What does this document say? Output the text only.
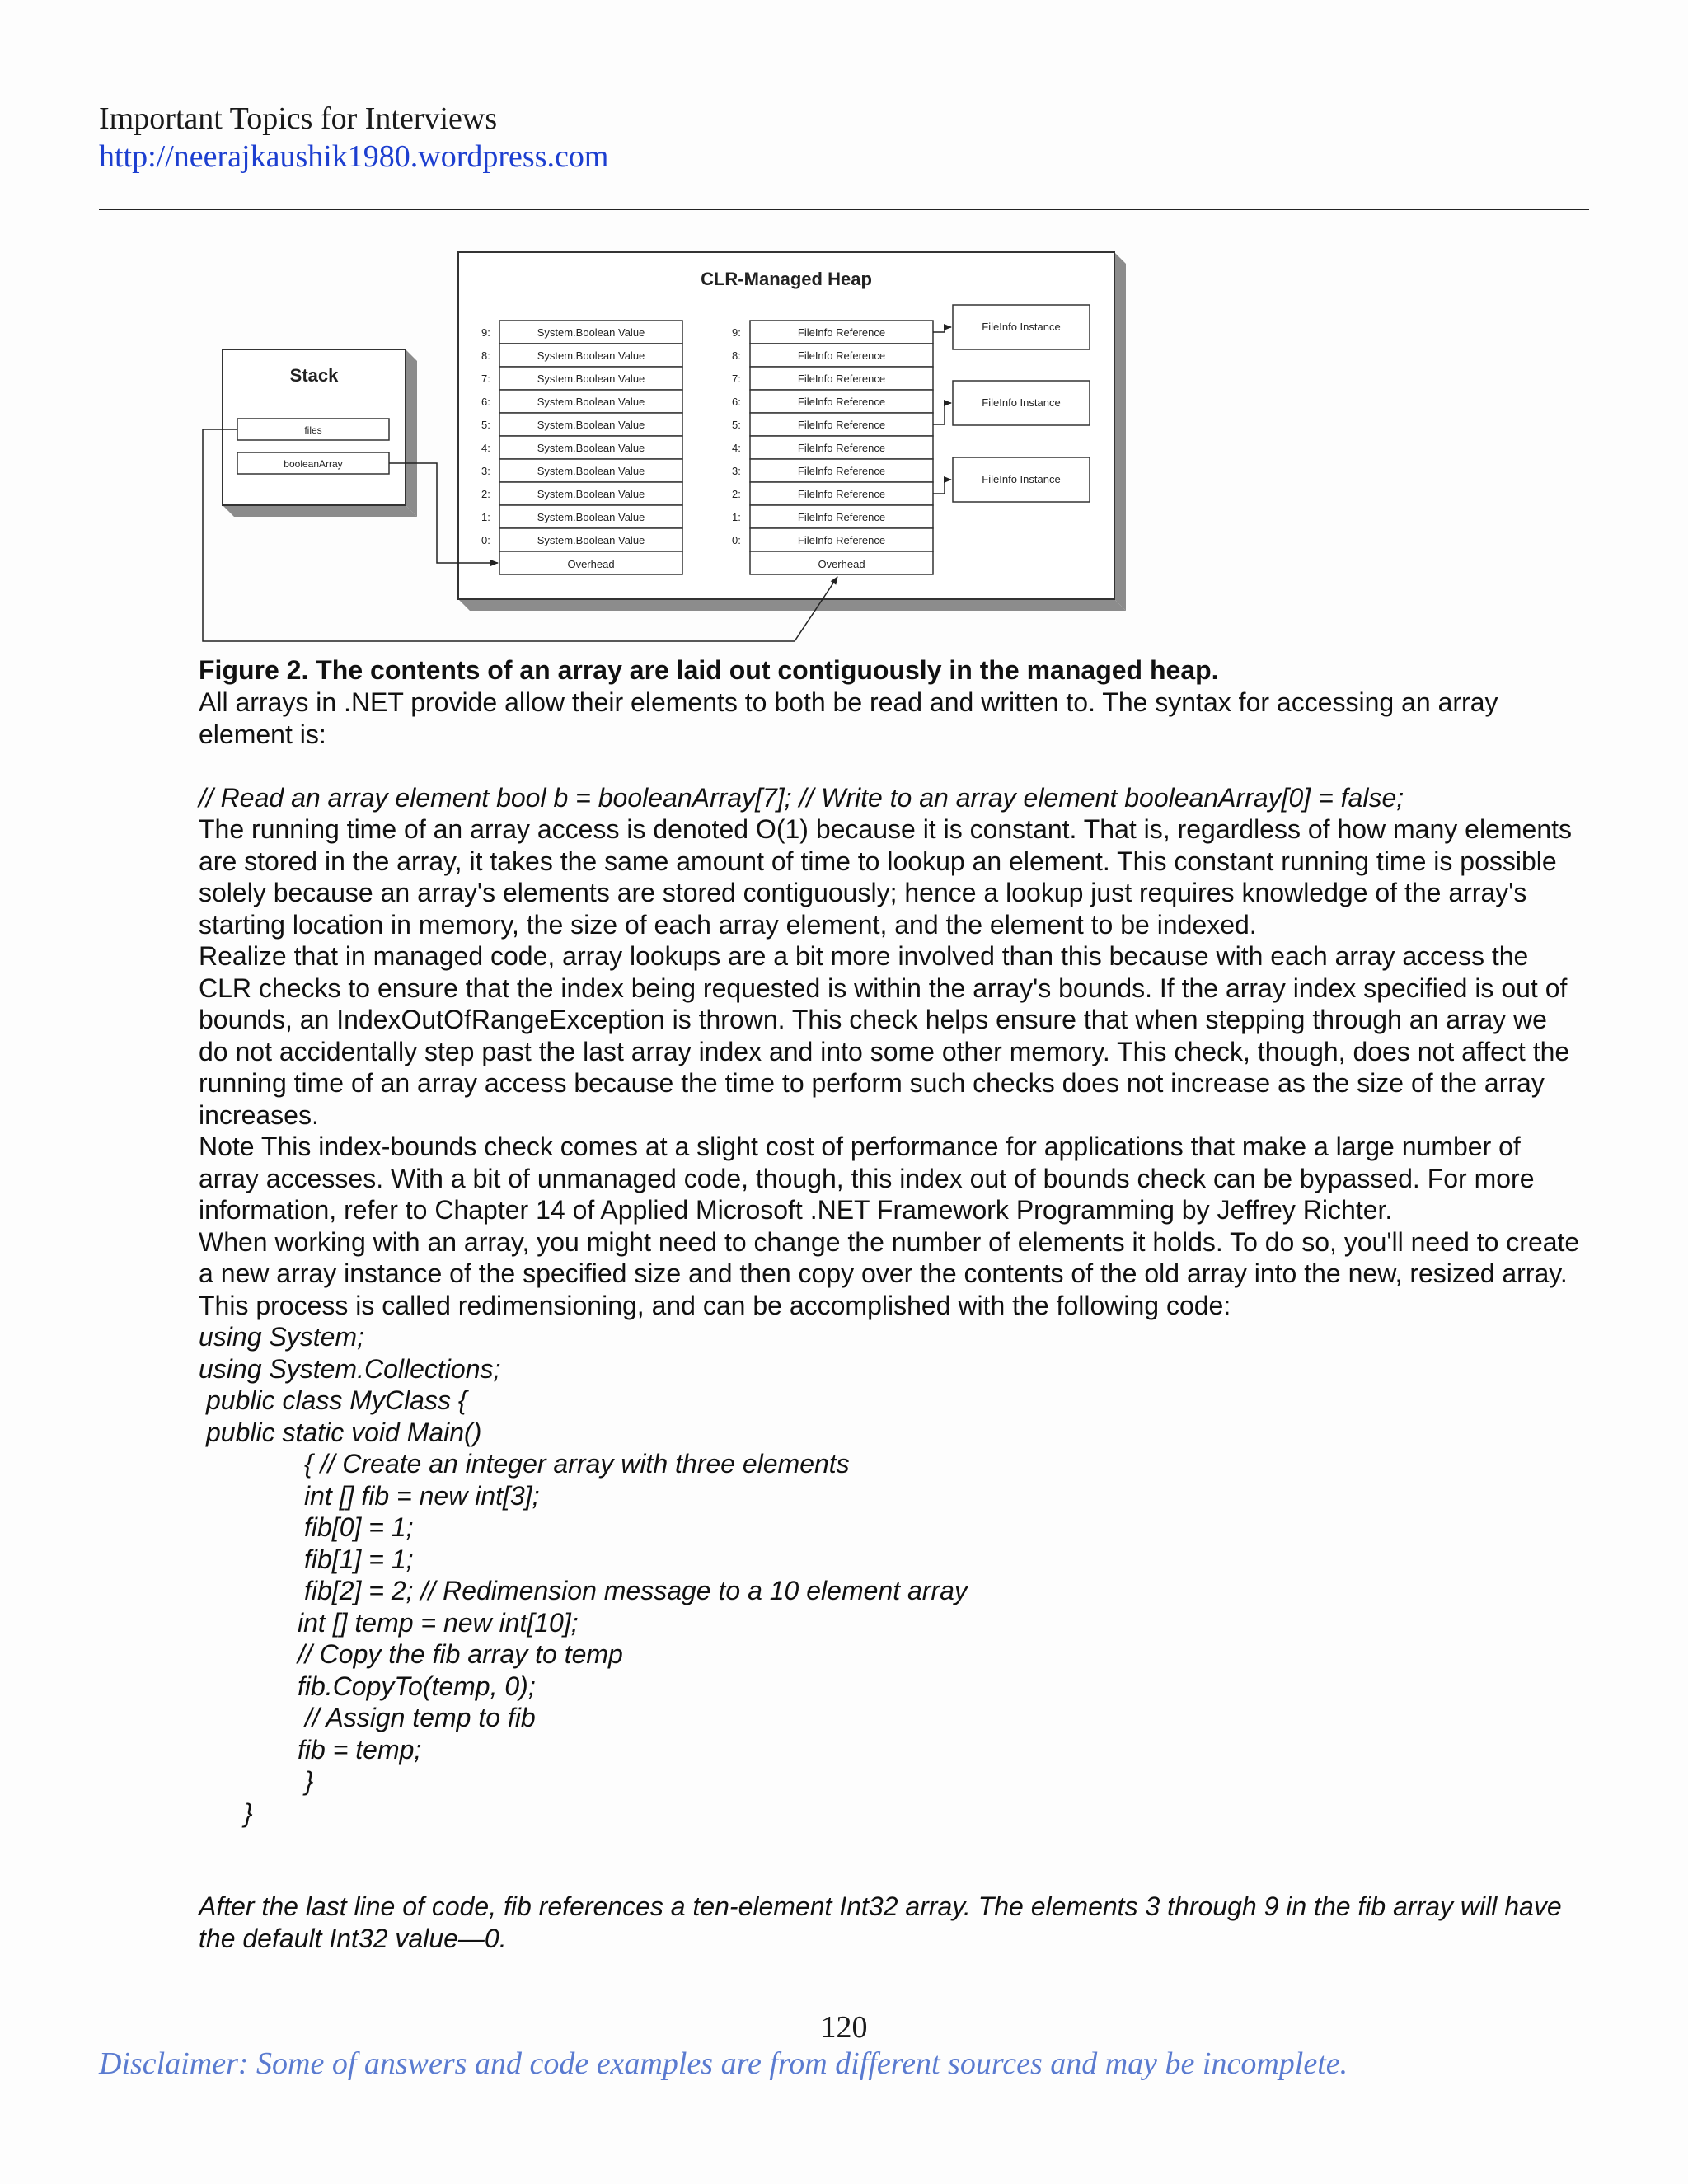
Important Topics for Interviews
http://neerajkaushik1980.wordpress.com
CLR-Managed Heap
Stack
files
booleanArray
9:
8:
7:
6:
5:
4:
3:
2:
1:
0:
System.Boolean Value
System.Boolean Value
System.Boolean Value
System.Boolean Value
System.Boolean Value
System.Boolean Value
System.Boolean Value
System.Boolean Value
System.Boolean Value
System.Boolean Value
Overhead
9:
8:
7:
6:
5:
4:
3:
2:
1:
0:
FileInfo Reference
FileInfo Reference
FileInfo Reference
FileInfo Reference
FileInfo Reference
FileInfo Reference
FileInfo Reference
FileInfo Reference
FileInfo Reference
FileInfo Reference
Overhead
FileInfo Instance
FileInfo Instance
FileInfo Instance
Figure 2. The contents of an array are laid out contiguously in the managed heap.

All arrays in .NET provide allow their elements to both be read and written to. The syntax for accessing an array element is:

// Read an array element bool b = booleanArray[7]; // Write to an array element booleanArray[0] = false;

The running time of an array access is denoted O(1) because it is constant. That is, regardless of how many elements are stored in the array, it takes the same amount of time to lookup an element. This constant running time is possible solely because an array's elements are stored contiguously; hence a lookup just requires knowledge of the array's starting location in memory, the size of each array element, and the element to be indexed.

Realize that in managed code, array lookups are a bit more involved than this because with each array access the CLR checks to ensure that the index being requested is within the array's bounds. If the array index specified is out of bounds, an IndexOutOfRangeException is thrown. This check helps ensure that when stepping through an array we do not accidentally step past the last array index and into some other memory. This check, though, does not affect the running time of an array access because the time to perform such checks does not increase as the size of the array increases.

Note This index-bounds check comes at a slight cost of performance for applications that make a large number of array accesses. With a bit of unmanaged code, though, this index out of bounds check can be bypassed. For more information, refer to Chapter 14 of Applied Microsoft .NET Framework Programming by Jeffrey Richter.

When working with an array, you might need to change the number of elements it holds. To do so, you'll need to create a new array instance of the specified size and then copy over the contents of the old array into the new, resized array. This process is called redimensioning, and can be accomplished with the following code:

using System;
using System.Collections;
public class MyClass {
public static void Main()
{ // Create an integer array with three elements
int [] fib = new int[3];
fib[0] = 1;
fib[1] = 1;
fib[2] = 2; // Redimension message to a 10 element array
int [] temp = new int[10];
// Copy the fib array to temp
fib.CopyTo(temp, 0);
// Assign temp to fib
fib = temp;
}
}
After the last line of code, fib references a ten-element Int32 array. The elements 3 through 9 in the fib array will have the default Int32 value—0.
120
Disclaimer: Some of answers and code examples are from different sources and may be incomplete.
